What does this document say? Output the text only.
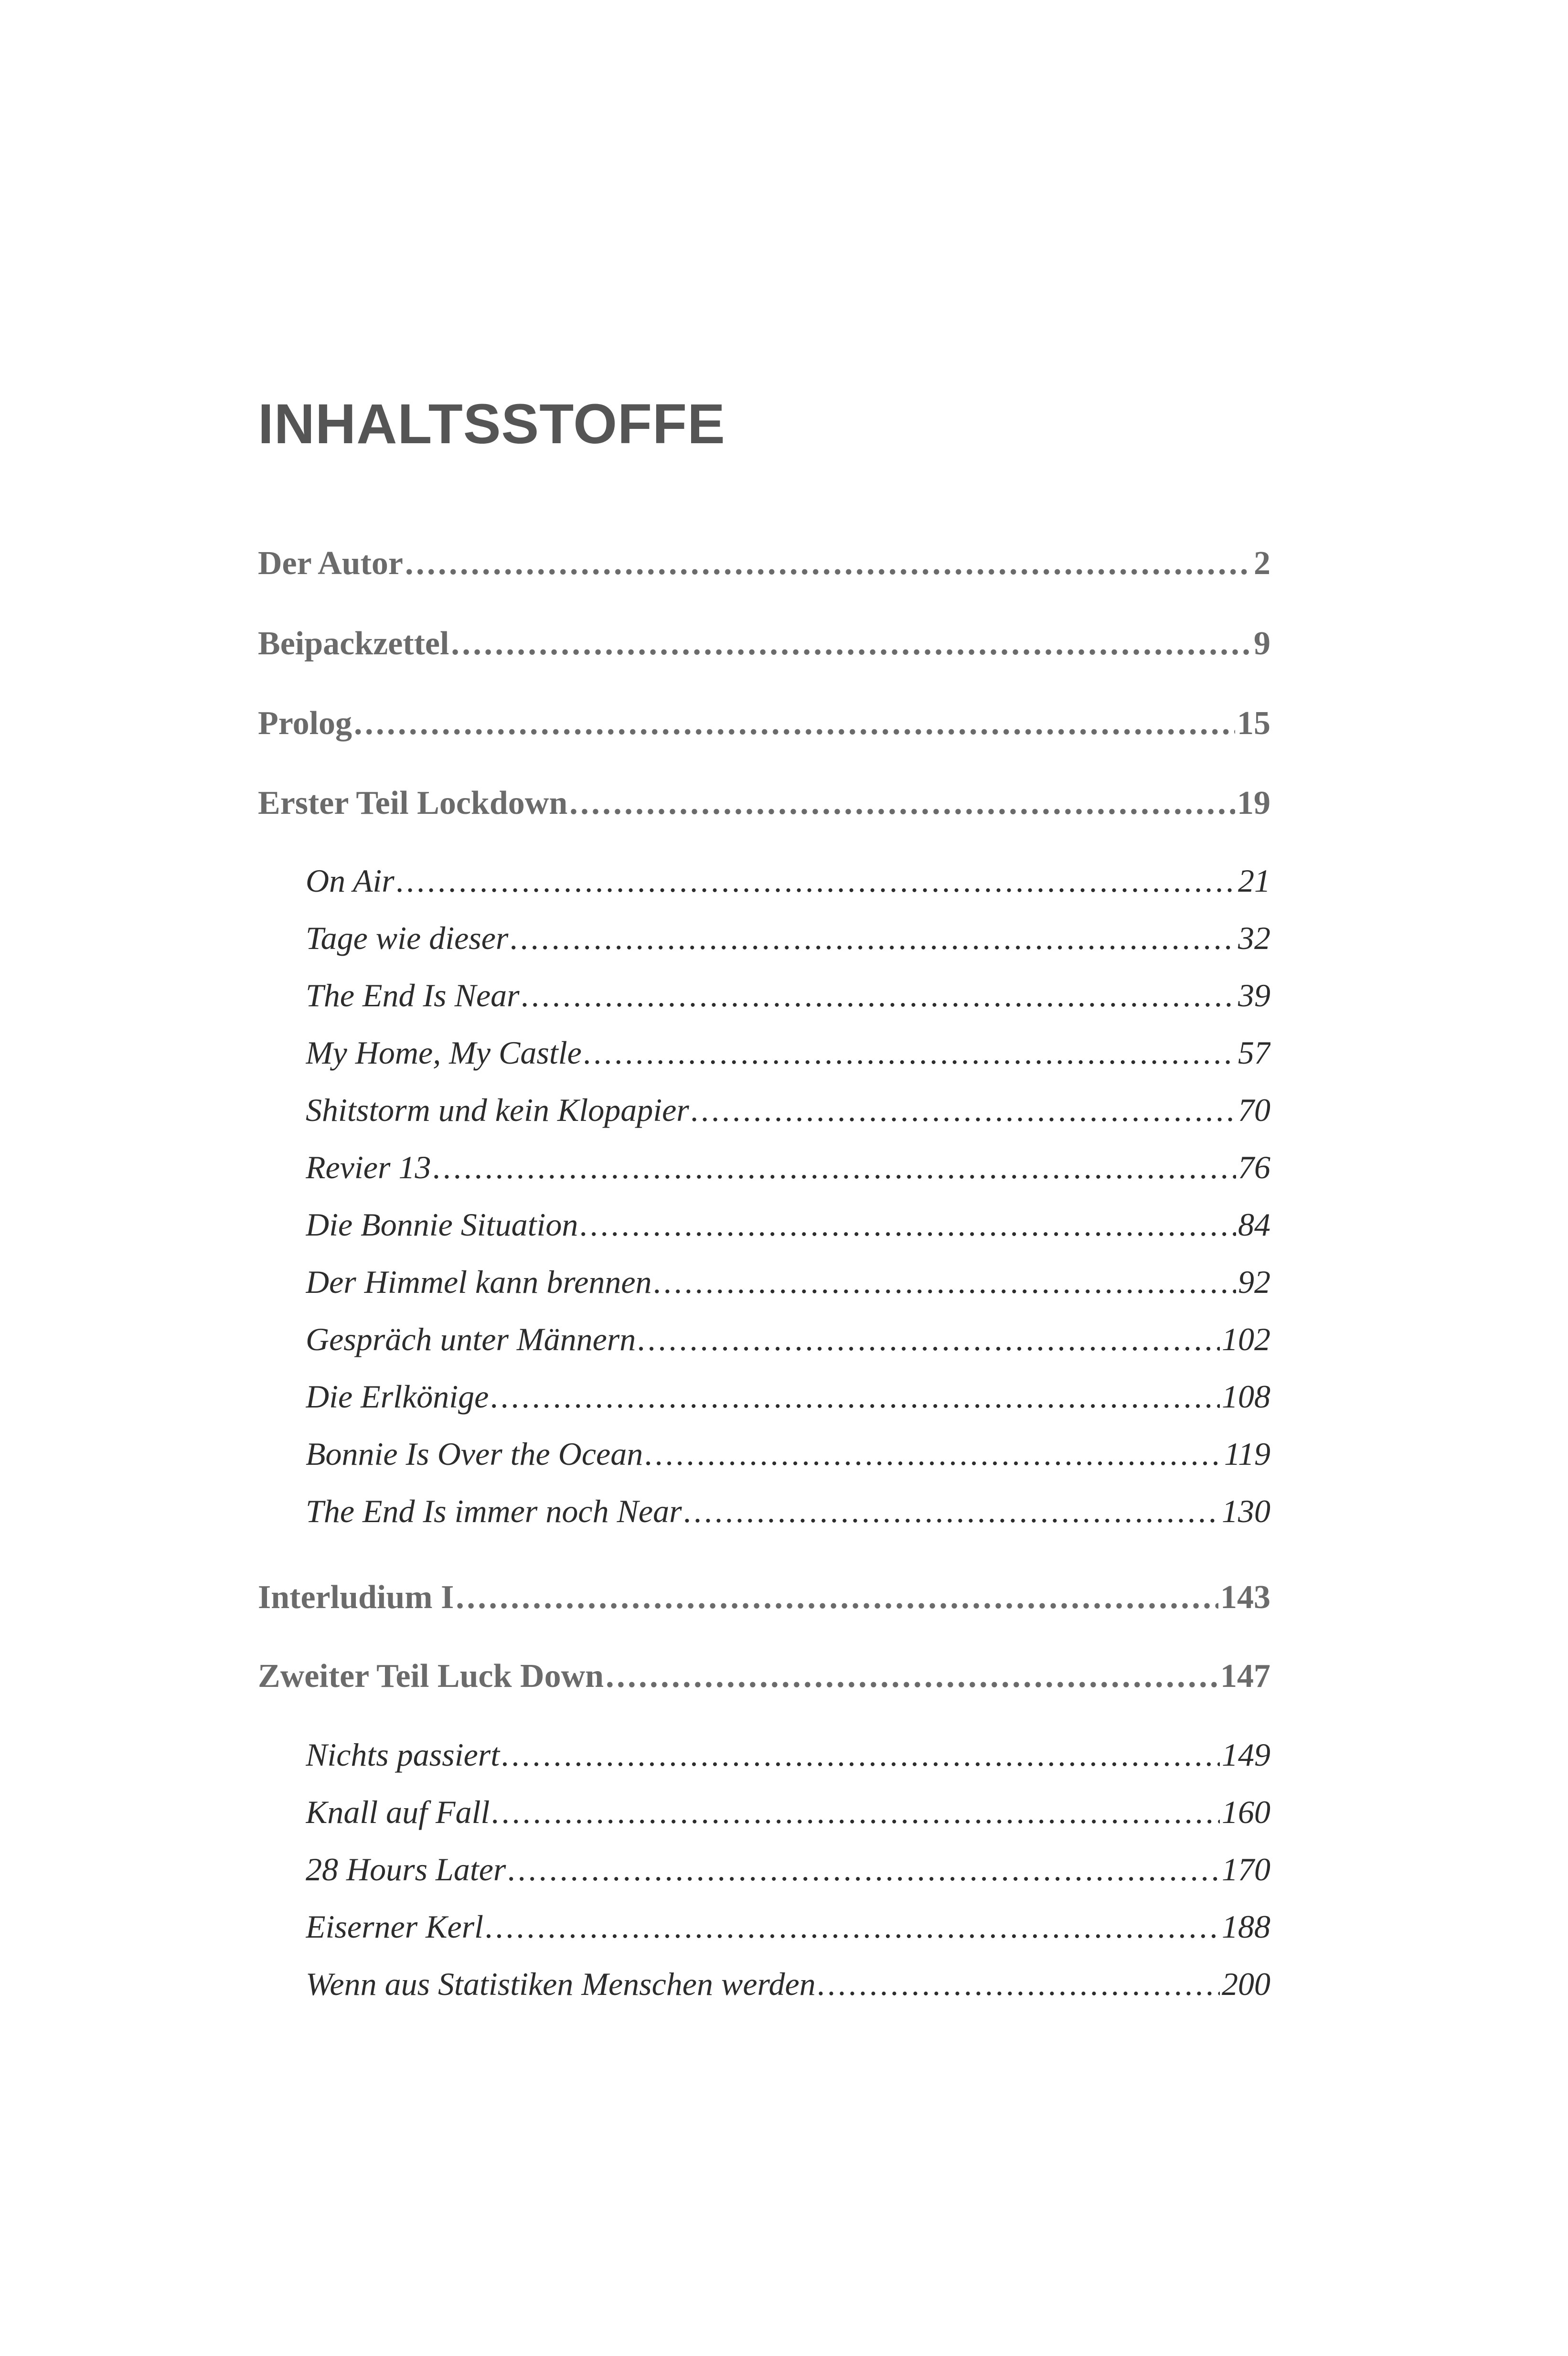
INHALTSSTOFFE
Der Autor . . .	2
Beipackzettel . . .	9
Prolog . . .	15
Erster Teil Lockdown . . .	19
On Air . . .	21
Tage wie dieser . . .	32
The End Is Near . . .	39
My Home, My Castle . . .	57
Shitstorm und kein Klopapier . . .	70
Revier 13 . . .	76
Die Bonnie Situation . . .	84
Der Himmel kann brennen . . .	92
Gespräch unter Männern . . .	102
Die Erlkönige . . .	108
Bonnie Is Over the Ocean . . .	119
The End Is immer noch Near . . .	130
Interludium I . . .	143
Zweiter Teil Luck Down . . .	147
Nichts passiert . . .	149
Knall auf Fall . . .	160
28 Hours Later . . .	170
Eiserner Kerl . . .	188
Wenn aus Statistiken Menschen werden . . .	200
